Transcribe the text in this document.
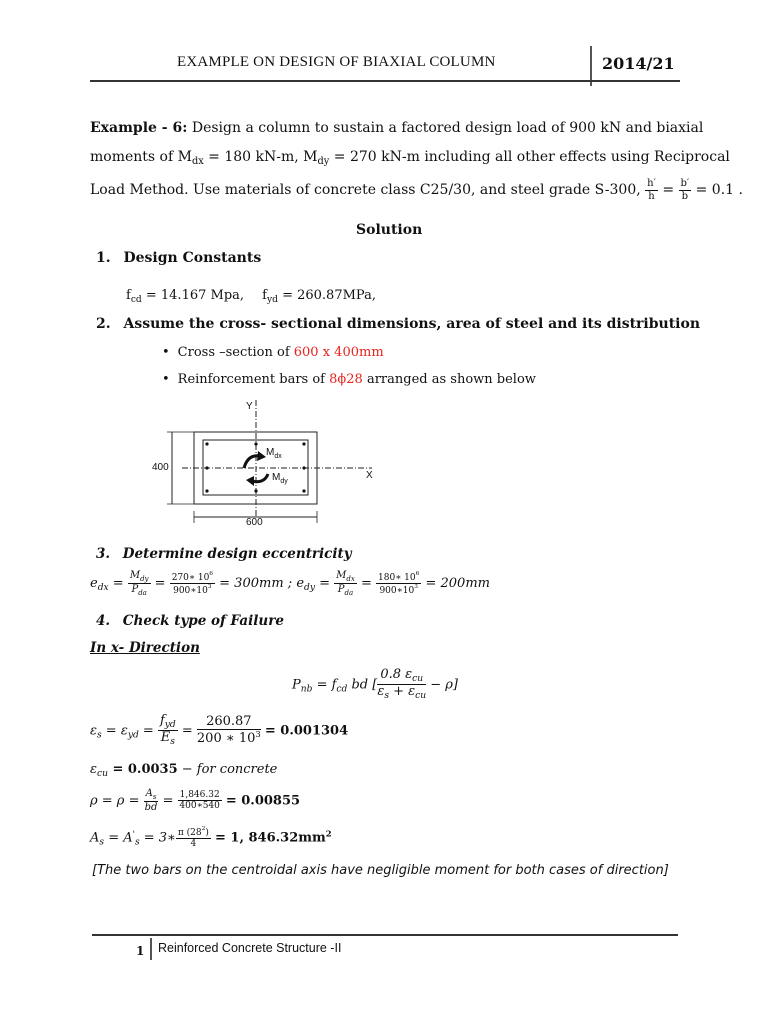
EXAMPLE ON DESIGN OF BIAXIAL COLUMN	2014/21
Example - 6: Design a column to sustain a factored design load of 900 kN and biaxial
moments of $M_{dx} = 180$ kN-m, $M_{dy} = 270$ kN-m including all other effects using Reciprocal
Load Method. Use materials of concrete class C25/30, and steel grade S-300, $\frac{h'}{h} = \frac{b'}{b} = 0.1$ .
Solution
1. Design Constants
$f_{cd} = 14.167$ Mpa, $f_{yd} = 260.87MPa$,
2. Assume the cross- sectional dimensions, area of steel and its distribution
• Cross –section of 600 x 400mm
• Reinforcement bars of 8ϕ28 arranged as shown below
Y
X
400
600
$M_{dx}$
$M_{dy}$
3. Determine design eccentricity
$e_{dx} = \frac{M_{dy}}{P_{da}} = \frac{270∗ 10^6}{900∗10^3} = 300mm$ ; $e_{dy} = \frac{M_{dx}}{P_{da}} = \frac{180∗ 10^6}{900∗10^3} = 200mm$
4. Check type of Failure
In x- Direction
$P_{nb} = f_{cd}$ bd [ $\frac{0.8 \varepsilon_{cu}}{\varepsilon_s + \varepsilon_{cu}} - \rho$]
$\varepsilon_s = \varepsilon_{yd} = \frac{f_{yd}}{E_s} = \frac{260.87}{200 ∗ 10^3} = 0.001304$
$\varepsilon_{cu} = 0.0035$ − for concrete
$\rho = \rho = \frac{A_s}{bd} = \frac{1,846.32}{400∗540} = 0.00855$
$A_s = A'_s$ = 3∗ $\frac{\pi (28^2)}{4} = 1$, $846.32mm^2$
[The two bars on the centroidal axis have negligible moment for both cases of direction]
1 Reinforced Concrete Structure -II
